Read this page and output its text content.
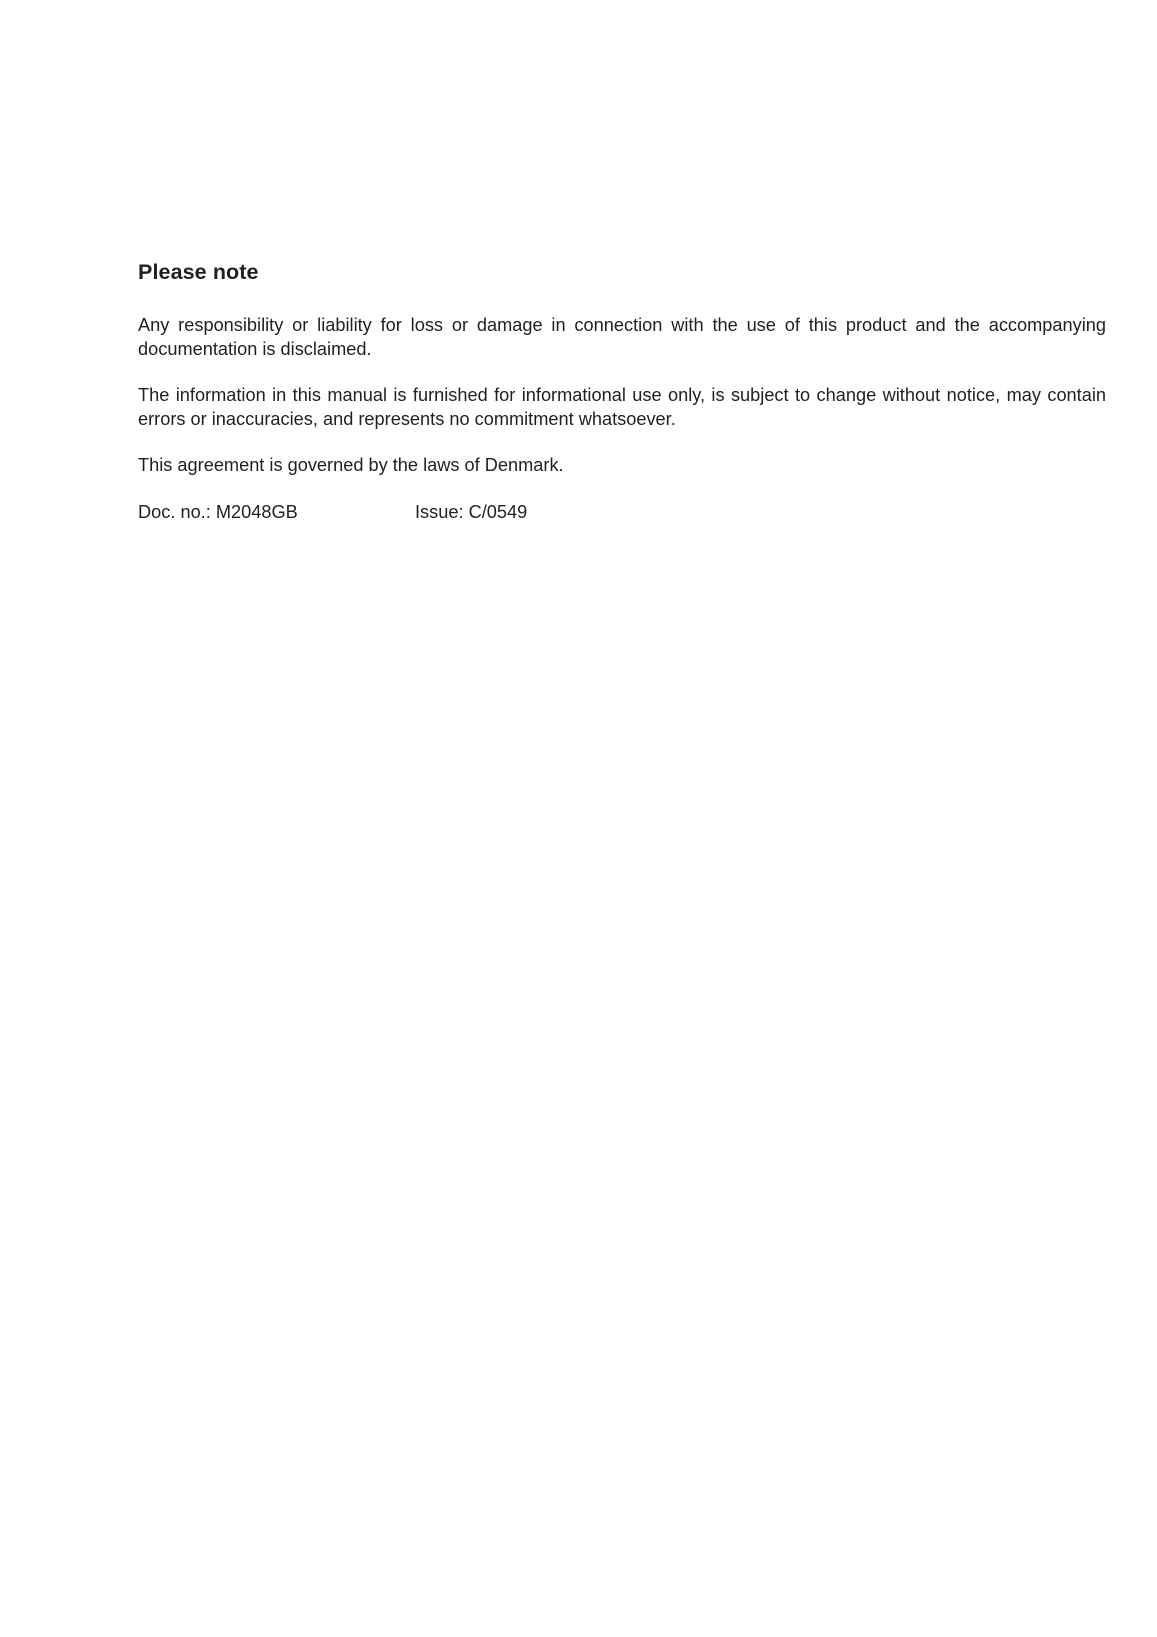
Please note

Any responsibility or liability for loss or damage in connection with the use of this product and the accompanying documentation is disclaimed.

The information in this manual is furnished for informational use only, is subject to change without notice, may contain errors or inaccuracies, and represents no commitment whatsoever.

This agreement is governed by the laws of Denmark.

Doc. no.: M2048GB	Issue: C/0549
